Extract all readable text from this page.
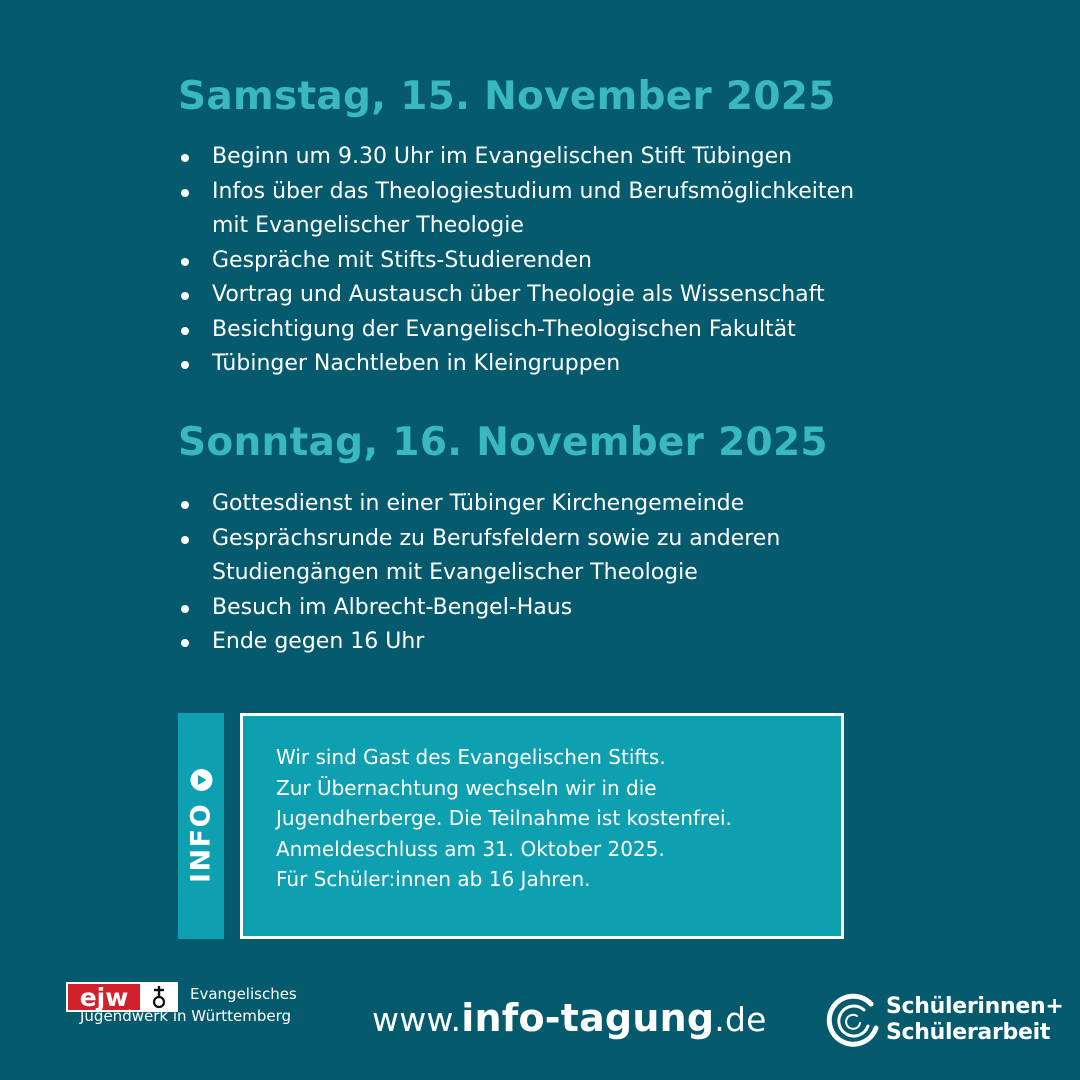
Samstag, 15. November 2025
Beginn um 9.30 Uhr im Evangelischen Stift Tübingen
Infos über das Theologiestudium und Berufsmöglichkeiten
mit Evangelischer Theologie
Gespräche mit Stifts-Studierenden
Vortrag und Austausch über Theologie als Wissenschaft
Besichtigung der Evangelisch-Theologischen Fakultät
Tübinger Nachtleben in Kleingruppen
Sonntag, 16. November 2025
Gottesdienst in einer Tübinger Kirchengemeinde
Gesprächsrunde zu Berufsfeldern sowie zu anderen
Studiengängen mit Evangelischer Theologie
Besuch im Albrecht-Bengel-Haus
Ende gegen 16 Uhr
INFO
Wir sind Gast des Evangelischen Stifts.
Zur Übernachtung wechseln wir in die
Jugendherberge. Die Teilnahme ist kostenfrei.
Anmeldeschluss am 31. Oktober 2025.
Für Schüler:innen ab 16 Jahren.
ejw	Evangelisches
Jugendwerk in Württemberg www.info-tagung.de	Schülerinnen+
Schülerarbeit
